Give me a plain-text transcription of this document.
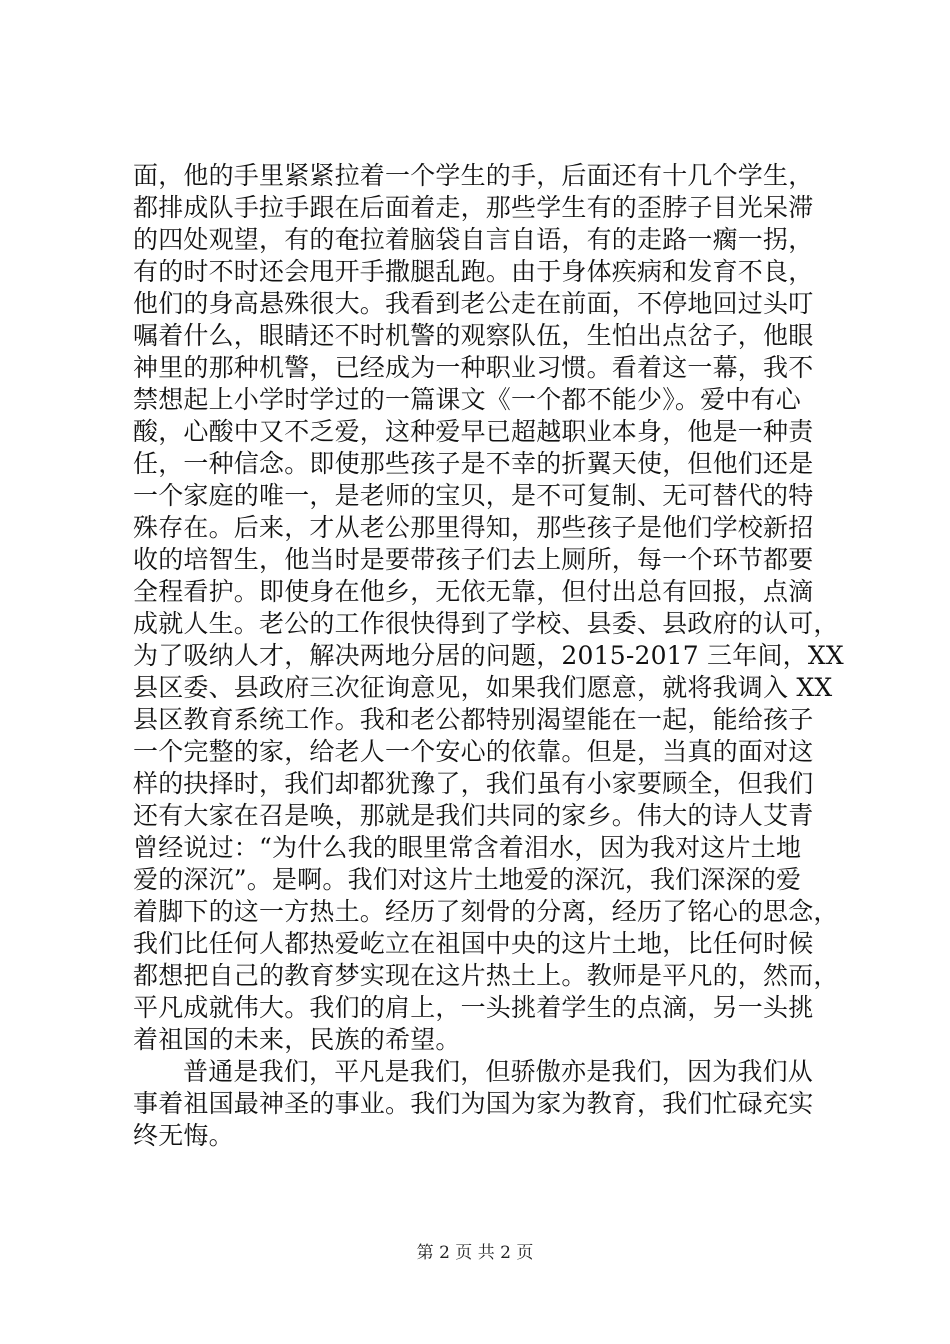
面，他的手里紧紧拉着一个学生的手，后面还有十几个学生，
都排成队手拉手跟在后面着走，那些学生有的歪脖子目光呆滞
的四处观望，有的奄拉着脑袋自言自语，有的走路一瘸一拐，
有的时不时还会甩开手撒腿乱跑。由于身体疾病和发育不良，
他们的身高悬殊很大。我看到老公走在前面，不停地回过头叮
嘱着什么，眼睛还不时机警的观察队伍，生怕出点岔子，他眼
神里的那种机警，已经成为一种职业习惯。看着这一幕，我不
禁想起上小学时学过的一篇课文《一个都不能少》。爱中有心
酸，心酸中又不乏爱，这种爱早已超越职业本身，他是一种责
任，一种信念。即使那些孩子是不幸的折翼天使，但他们还是
一个家庭的唯一，是老师的宝贝，是不可复制、无可替代的特
殊存在。后来，才从老公那里得知，那些孩子是他们学校新招
收的培智生，他当时是要带孩子们去上厕所，每一个环节都要
全程看护。即使身在他乡，无依无靠，但付出总有回报，点滴
成就人生。老公的工作很快得到了学校、县委、县政府的认可，
为了吸纳人才，解决两地分居的问题，2015-2017 三年间，XX
县区委、县政府三次征询意见，如果我们愿意，就将我调入 XX
县区教育系统工作。我和老公都特别渴望能在一起，能给孩子
一个完整的家，给老人一个安心的依靠。但是，当真的面对这
样的抉择时，我们却都犹豫了，我们虽有小家要顾全，但我们
还有大家在召是唤，那就是我们共同的家乡。伟大的诗人艾青
曾经说过：“为什么我的眼里常含着泪水，因为我对这片土地
爱的深沉”。是啊。我们对这片土地爱的深沉，我们深深的爱
着脚下的这一方热土。经历了刻骨的分离，经历了铭心的思念，
我们比任何人都热爱屹立在祖国中央的这片土地，比任何时候
都想把自己的教育梦实现在这片热土上。教师是平凡的，然而，
平凡成就伟大。我们的肩上，一头挑着学生的点滴，另一头挑
着祖国的未来，民族的希望。
普通是我们，平凡是我们，但骄傲亦是我们，因为我们从
事着祖国最神圣的事业。我们为国为家为教育，我们忙碌充实
终无悔。
第 2 页 共 2 页
